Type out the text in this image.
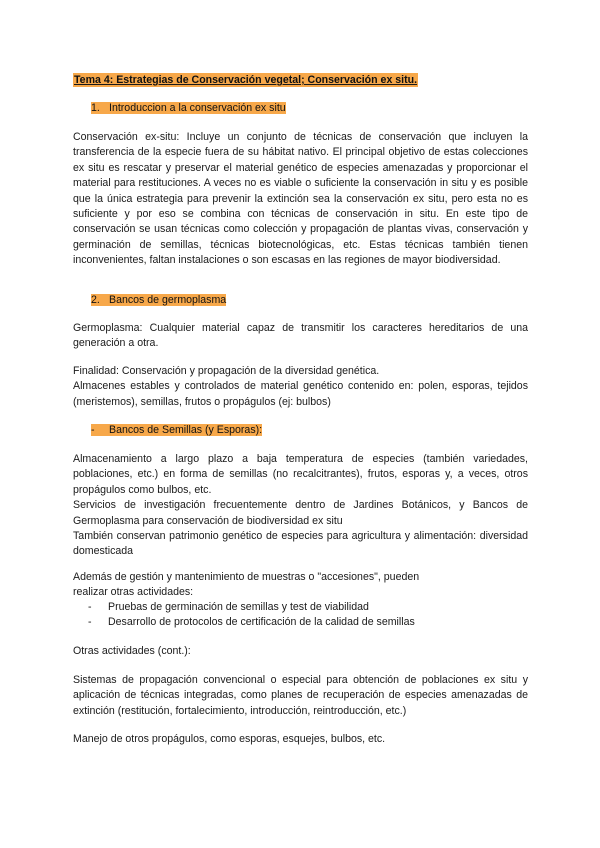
Tema 4: Estrategias de Conservación vegetal; Conservación ex situ.

1. Introduccion a la conservación ex situ

Conservación ex-situ: Incluye un conjunto de técnicas de conservación que incluyen la transferencia de la especie fuera de su hábitat nativo. El principal objetivo de estas colecciones ex situ es rescatar y preservar el material genético de especies amenazadas y proporcionar el material para restituciones. A veces no es viable o suficiente la conservación in situ y es posible que la única estrategia para prevenir la extinción sea la conservación ex situ, pero esta no es suficiente y por eso se combina con técnicas de conservación in situ. En este tipo de conservación se usan técnicas como colección y propagación de plantas vivas, conservación y germinación de semillas, técnicas biotecnológicas, etc. Estas técnicas también tienen inconvenientes, faltan instalaciones o son escasas en las regiones de mayor biodiversidad.

2. Bancos de germoplasma

Germoplasma: Cualquier material capaz de transmitir los caracteres hereditarios de una generación a otra.

Finalidad: Conservación y propagación de la diversidad genética.

Almacenes estables y controlados de material genético contenido en: polen, esporas, tejidos (meristemos), semillas, frutos o propágulos (ej: bulbos)

- Bancos de Semillas (y Esporas):

Almacenamiento a largo plazo a baja temperatura de especies (también variedades, poblaciones, etc.) en forma de semillas (no recalcitrantes), frutos, esporas y, a veces, otros propágulos como bulbos, etc.

Servicios de investigación frecuentemente dentro de Jardines Botánicos, y Bancos de Germoplasma para conservación de biodiversidad ex situ

También conservan patrimonio genético de especies para agricultura y alimentación: diversidad domesticada

Además de gestión y mantenimiento de muestras o "accesiones", pueden

realizar otras actividades:

- Pruebas de germinación de semillas y test de viabilidad
- Desarrollo de protocolos de certificación de la calidad de semillas

Otras actividades (cont.):

Sistemas de propagación convencional o especial para obtención de poblaciones ex situ y aplicación de técnicas integradas, como planes de recuperación de especies amenazadas de extinción (restitución, fortalecimiento, introducción, reintroducción, etc.)

Manejo de otros propágulos, como esporas, esquejes, bulbos, etc.
